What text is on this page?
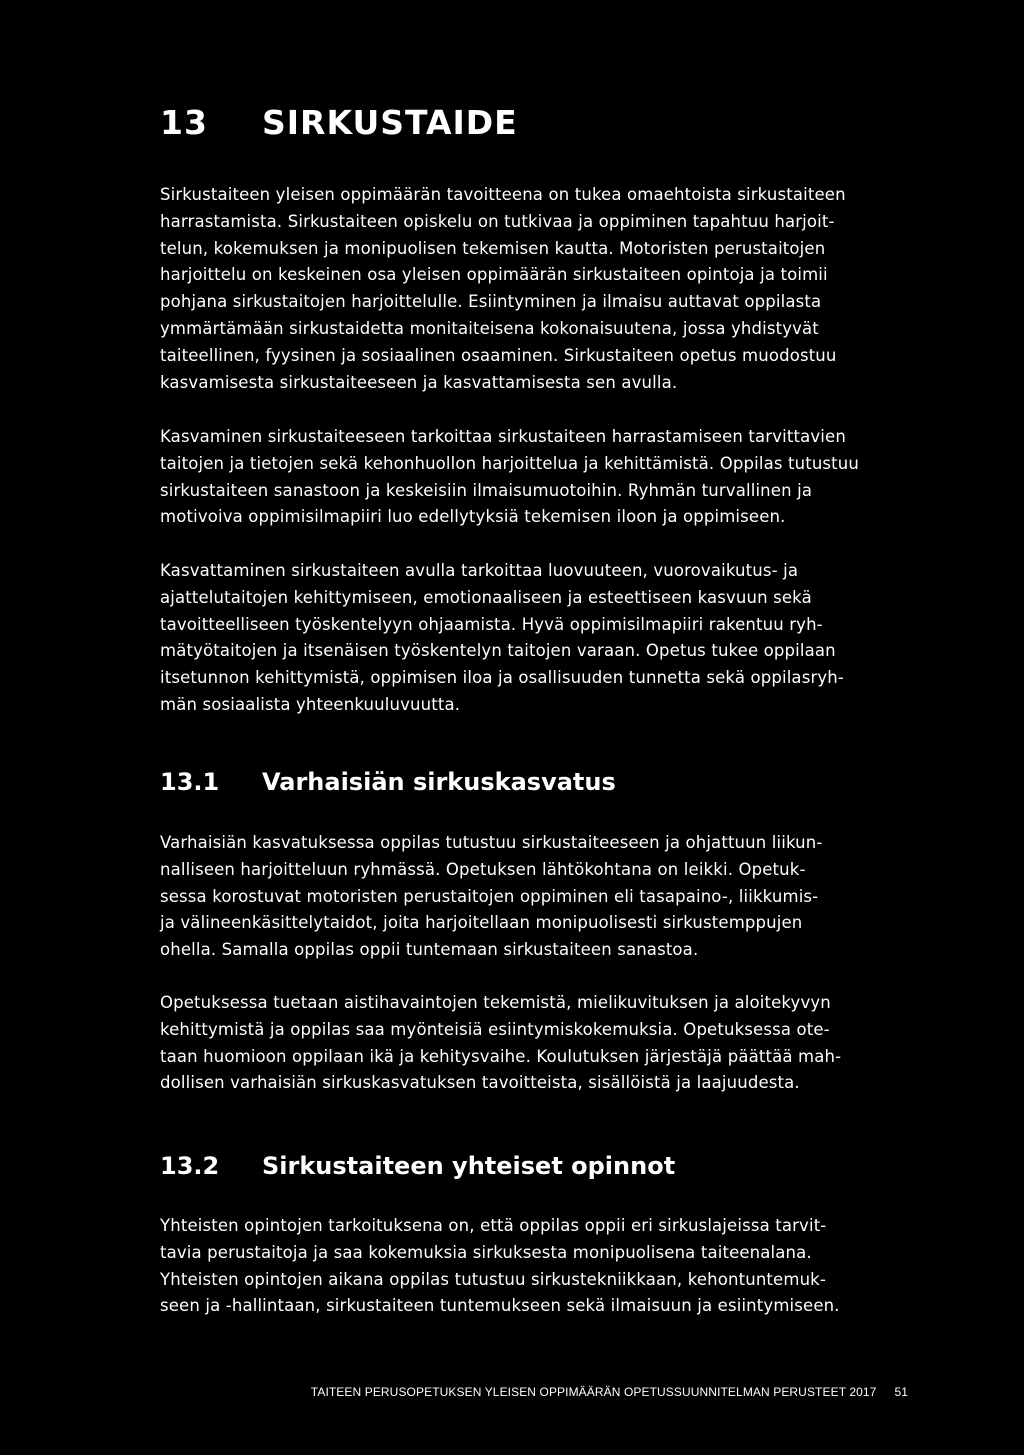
13 SIRKUSTAIDE

Sirkustaiteen yleisen oppimäärän tavoitteena on tukea omaehtoista sirkustaiteen
harrastamista. Sirkustaiteen opiskelu on tutkivaa ja oppiminen tapahtuu harjoit-
telun, kokemuksen ja monipuolisen tekemisen kautta. Motoristen perustaitojen
harjoittelu on keskeinen osa yleisen oppimäärän sirkustaiteen opintoja ja toimii
pohjana sirkustaitojen harjoittelulle. Esiintyminen ja ilmaisu auttavat oppilasta
ymmärtämään sirkustaidetta monitaiteisena kokonaisuutena, jossa yhdistyvät
taiteellinen, fyysinen ja sosiaalinen osaaminen. Sirkustaiteen opetus muodostuu
kasvamisesta sirkustaiteeseen ja kasvattamisesta sen avulla.

Kasvaminen sirkustaiteeseen tarkoittaa sirkustaiteen harrastamiseen tarvittavien
taitojen ja tietojen sekä kehonhuollon harjoittelua ja kehittämistä. Oppilas tutustuu
sirkustaiteen sanastoon ja keskeisiin ilmaisumuotoihin. Ryhmän turvallinen ja
motivoiva oppimisilmapiiri luo edellytyksiä tekemisen iloon ja oppimiseen.

Kasvattaminen sirkustaiteen avulla tarkoittaa luovuuteen, vuorovaikutus- ja
ajattelutaitojen kehittymiseen, emotionaaliseen ja esteettiseen kasvuun sekä
tavoitteelliseen työskentelyyn ohjaamista. Hyvä oppimisilmapiiri rakentuu ryh-
mätyötaitojen ja itsenäisen työskentelyn taitojen varaan. Opetus tukee oppilaan
itsetunnon kehittymistä, oppimisen iloa ja osallisuuden tunnetta sekä oppilasryh-
män sosiaalista yhteenkuuluvuutta.

13.1 Varhaisiän sirkuskasvatus

Varhaisiän kasvatuksessa oppilas tutustuu sirkustaiteeseen ja ohjattuun liikun-
nalliseen harjoitteluun ryhmässä. Opetuksen lähtökohtana on leikki. Opetuk-
sessa korostuvat motoristen perustaitojen oppiminen eli tasapaino-, liikkumis-
ja välineenkäsittelytaidot, joita harjoitellaan monipuolisesti sirkustemppujen
ohella. Samalla oppilas oppii tuntemaan sirkustaiteen sanastoa.

Opetuksessa tuetaan aistihavaintojen tekemistä, mielikuvituksen ja aloitekyvyn
kehittymistä ja oppilas saa myönteisiä esiintymiskokemuksia. Opetuksessa ote-
taan huomioon oppilaan ikä ja kehitysvaihe. Koulutuksen järjestäjä päättää mah-
dollisen varhaisiän sirkuskasvatuksen tavoitteista, sisällöistä ja laajuudesta.

13.2 Sirkustaiteen yhteiset opinnot

Yhteisten opintojen tarkoituksena on, että oppilas oppii eri sirkuslajeissa tarvit-
tavia perustaitoja ja saa kokemuksia sirkuksesta monipuolisena taiteenalana.
Yhteisten opintojen aikana oppilas tutustuu sirkustekniikkaan, kehontuntemuk-
seen ja -hallintaan, sirkustaiteen tuntemukseen sekä ilmaisuun ja esiintymiseen.

TAITEEN PERUSOPETUKSEN YLEISEN OPPIMÄÄRÄN OPETUSSUUNNITELMAN PERUSTEET 2017 51
